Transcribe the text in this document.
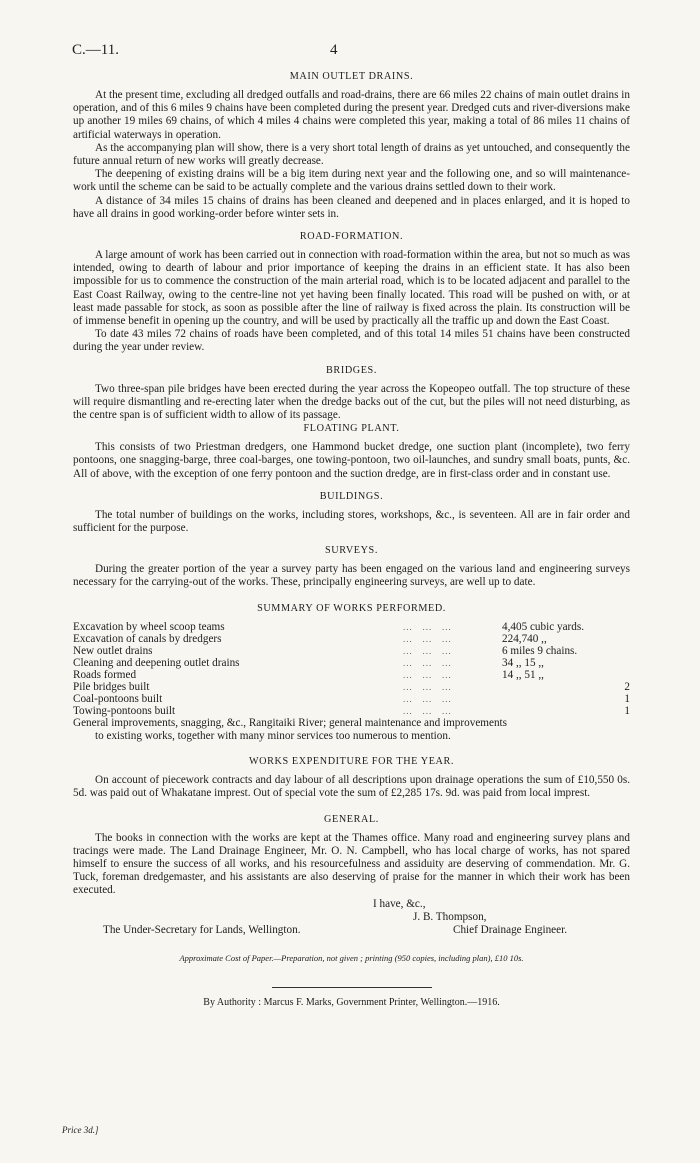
C.—11.	4
MAIN OUTLET DRAINS.

At the present time, excluding all dredged outfalls and road-drains, there are 66 miles 22 chains of main outlet drains in operation, and of this 6 miles 9 chains have been completed during the present year. Dredged cuts and river-diversions make up another 19 miles 69 chains, of which 4 miles 4 chains were completed this year, making a total of 86 miles 11 chains of artificial waterways in operation.

As the accompanying plan will show, there is a very short total length of drains as yet untouched, and consequently the future annual return of new works will greatly decrease.

The deepening of existing drains will be a big item during next year and the following one, and so will maintenance-work until the scheme can be said to be actually complete and the various drains settled down to their work.

A distance of 34 miles 15 chains of drains has been cleaned and deepened and in places enlarged, and it is hoped to have all drains in good working-order before winter sets in.

ROAD-FORMATION.

A large amount of work has been carried out in connection with road-formation within the area, but not so much as was intended, owing to dearth of labour and prior importance of keeping the drains in an efficient state. It has also been impossible for us to commence the construction of the main arterial road, which is to be located adjacent and parallel to the East Coast Railway, owing to the centre-line not yet having been finally located. This road will be pushed on with, or at least made passable for stock, as soon as possible after the line of railway is fixed across the plain. Its construction will be of immense benefit in opening up the country, and will be used by practically all the traffic up and down the East Coast.

To date 43 miles 72 chains of roads have been completed, and of this total 14 miles 51 chains have been constructed during the year under review.

BRIDGES.

Two three-span pile bridges have been erected during the year across the Kopeopeo outfall. The top structure of these will require dismantling and re-erecting later when the dredge backs out of the cut, but the piles will not need disturbing, as the centre span is of sufficient width to allow of its passage.

FLOATING PLANT.

This consists of two Priestman dredgers, one Hammond bucket dredge, one suction plant (incomplete), two ferry pontoons, one snagging-barge, three coal-barges, one towing-pontoon, two oil-launches, and sundry small boats, punts, &c. All of above, with the exception of one ferry pontoon and the suction dredge, are in first-class order and in constant use.

BUILDINGS.

The total number of buildings on the works, including stores, workshops, &c., is seventeen. All are in fair order and sufficient for the purpose.

SURVEYS.

During the greater portion of the year a survey party has been engaged on the various land and engineering surveys necessary for the carrying-out of the works. These, principally engineering surveys, are well up to date.

SUMMARY OF WORKS PERFORMED.
Excavation by wheel scoop teams	...   ...   ...	4,405 cubic yards.
Excavation of canals by dredgers	...   ...   ...	224,740 ,,
New outlet drains	...   ...   ...	6 miles 9 chains.
Cleaning and deepening outlet drains	...   ...   ...	34 ,, 15 ,,
Roads formed	...   ...   ...	14 ,, 51 ,,
Pile bridges built	...   ...   ...	2
Coal-pontoons built	...   ...   ...	1
Towing-pontoons built	...   ...   ...	1
General improvements, snagging, &c., Rangitaiki River; general maintenance and improvements
to existing works, together with many minor services too numerous to mention.
WORKS EXPENDITURE FOR THE YEAR.

On account of piecework contracts and day labour of all descriptions upon drainage operations the sum of £10,550 0s. 5d. was paid out of Whakatane imprest. Out of special vote the sum of £2,285 17s. 9d. was paid from local imprest.

GENERAL.

The books in connection with the works are kept at the Thames office. Many road and engineering survey plans and tracings were made. The Land Drainage Engineer, Mr. O. N. Campbell, who has local charge of works, has not spared himself to ensure the success of all works, and his resourcefulness and assiduity are deserving of commendation. Mr. G. Tuck, foreman dredgemaster, and his assistants are also deserving of praise for the manner in which their work has been executed.

I have, &c.,
J. B. Thompson,
Chief Drainage Engineer.
The Under-Secretary for Lands, Wellington.
Approximate Cost of Paper.—Preparation, not given ; printing (950 copies, including plan), £10 10s.
By Authority : Marcus F. Marks, Government Printer, Wellington.—1916.
Price 3d.]
